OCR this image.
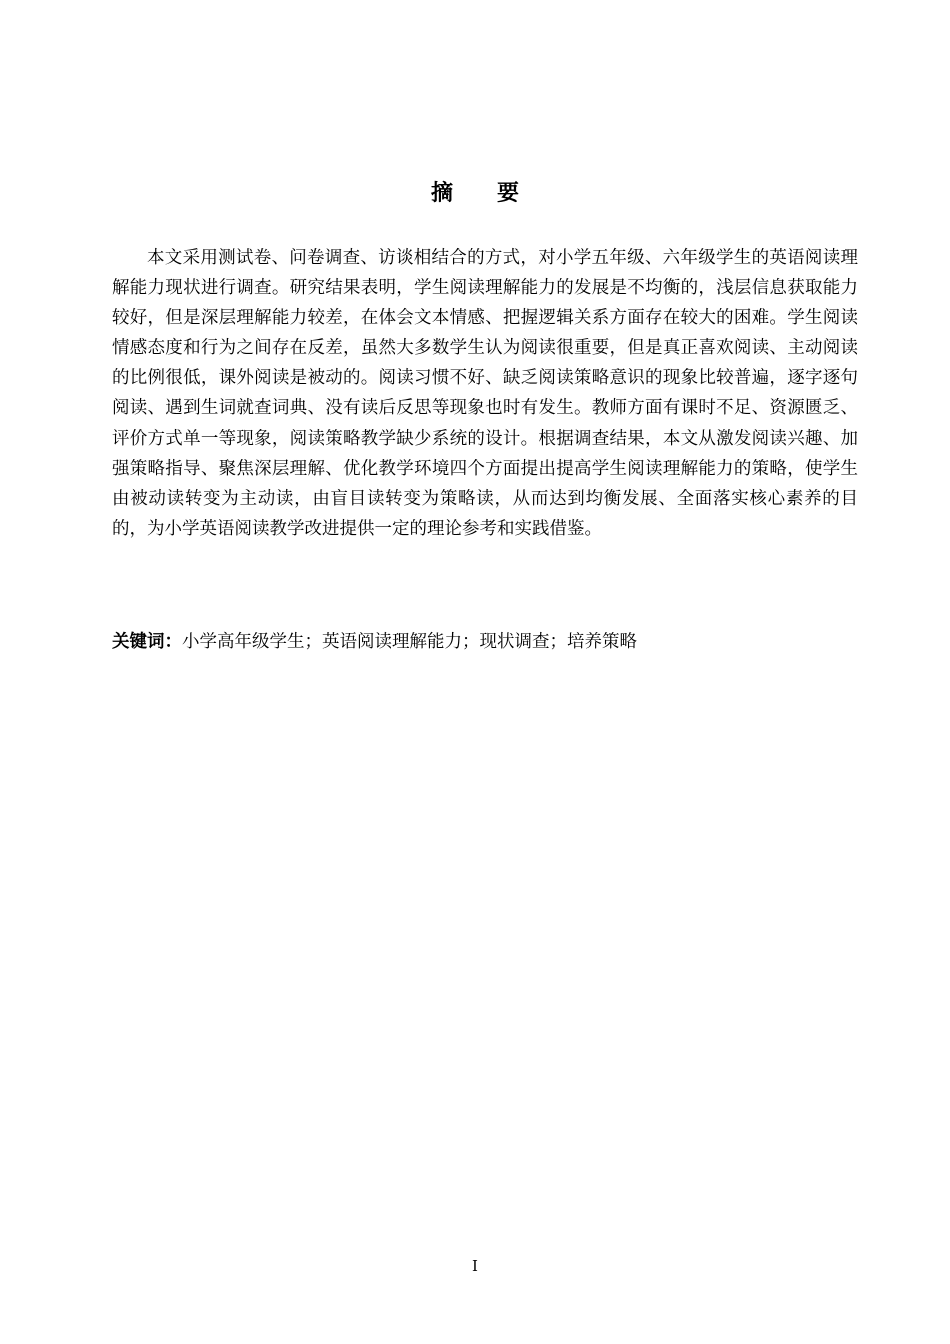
摘要

本文采用测试卷、问卷调查、访谈相结合的方式，对小学五年级、六年级学生的英语阅读理解能力现状进行调查。研究结果表明，学生阅读理解能力的发展是不均衡的，浅层信息获取能力较好，但是深层理解能力较差，在体会文本情感、把握逻辑关系方面存在较大的困难。学生阅读情感态度和行为之间存在反差，虽然大多数学生认为阅读很重要，但是真正喜欢阅读、主动阅读的比例很低，课外阅读是被动的。阅读习惯不好、缺乏阅读策略意识的现象比较普遍，逐字逐句阅读、遇到生词就查词典、没有读后反思等现象也时有发生。教师方面有课时不足、资源匮乏、评价方式单一等现象，阅读策略教学缺少系统的设计。根据调查结果，本文从激发阅读兴趣、加强策略指导、聚焦深层理解、优化教学环境四个方面提出提高学生阅读理解能力的策略，使学生由被动读转变为主动读，由盲目读转变为策略读，从而达到均衡发展、全面落实核心素养的目的，为小学英语阅读教学改进提供一定的理论参考和实践借鉴。

关键词：小学高年级学生；英语阅读理解能力；现状调查；培养策略
I
